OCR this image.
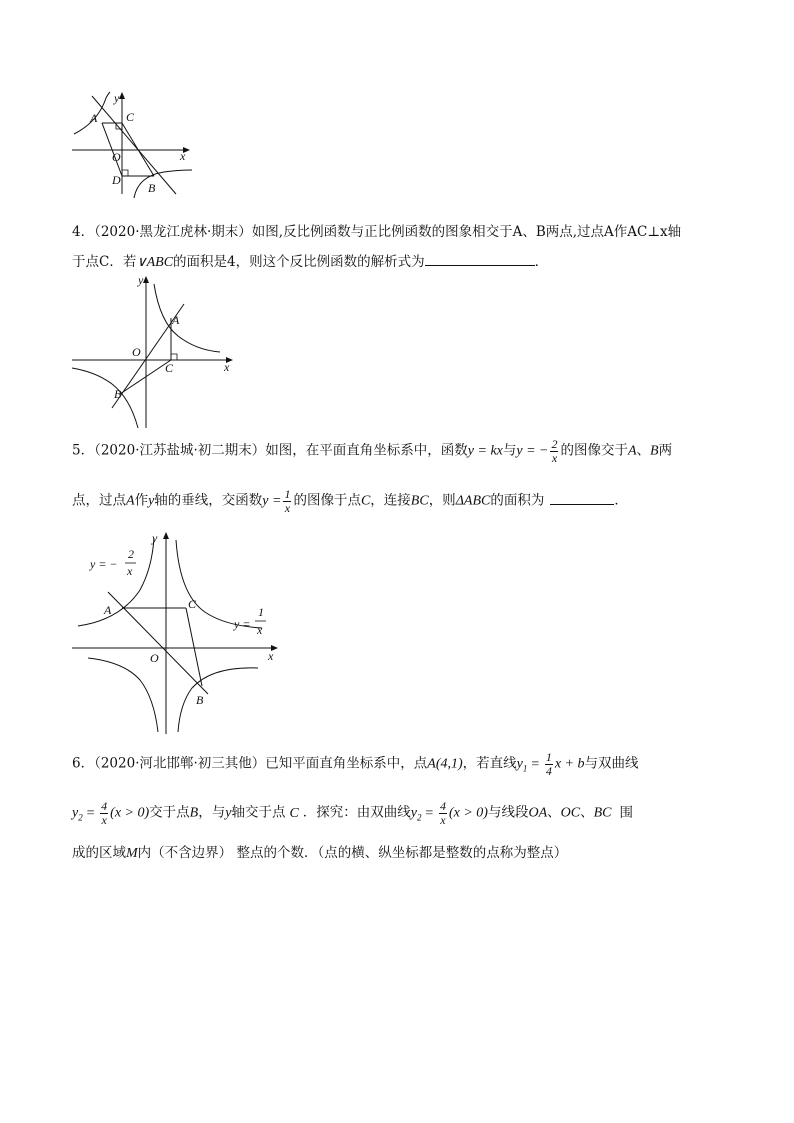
y
x
A C
O
D
B
4．（2020·黑龙江虎林·期末）如图,反比例函数与正比例函数的图象相交于A、B两点,过点A作AC⊥x轴
于点C．若∨ABC的面积是4，则这个反比例函数的解析式为	．
y
x
A
O
C
B
5．（2020·江苏盐城·初二期末）如图，在平面直角坐标系中，函数y = kx与y = − $\frac{2}{x}$ 的图像交于A、B两
点，过点A作y轴的垂线，交函数$y = \frac{1}{x}$ 的图像于点C，连接BC，则ΔABC的面积为	．
y
x
A	C
O
B
y = −
2
x
y =
1
x
6．（2020·河北邯郸·初三其他）已知平面直角坐标系中，点A(4,1)，若直线$y_1 = \frac{1}{4}$ x + b与双曲线
$y_2 = \frac{4}{x} (x > 0)$交于点B，与y轴交于点 C ．探究：由双曲线$y_2 = \frac{4}{x} (x > 0)$与线段OA、OC、BC 围
成的区域M内（不含边界） 整点的个数．（点的横、纵坐标都是整数的点称为整点）
